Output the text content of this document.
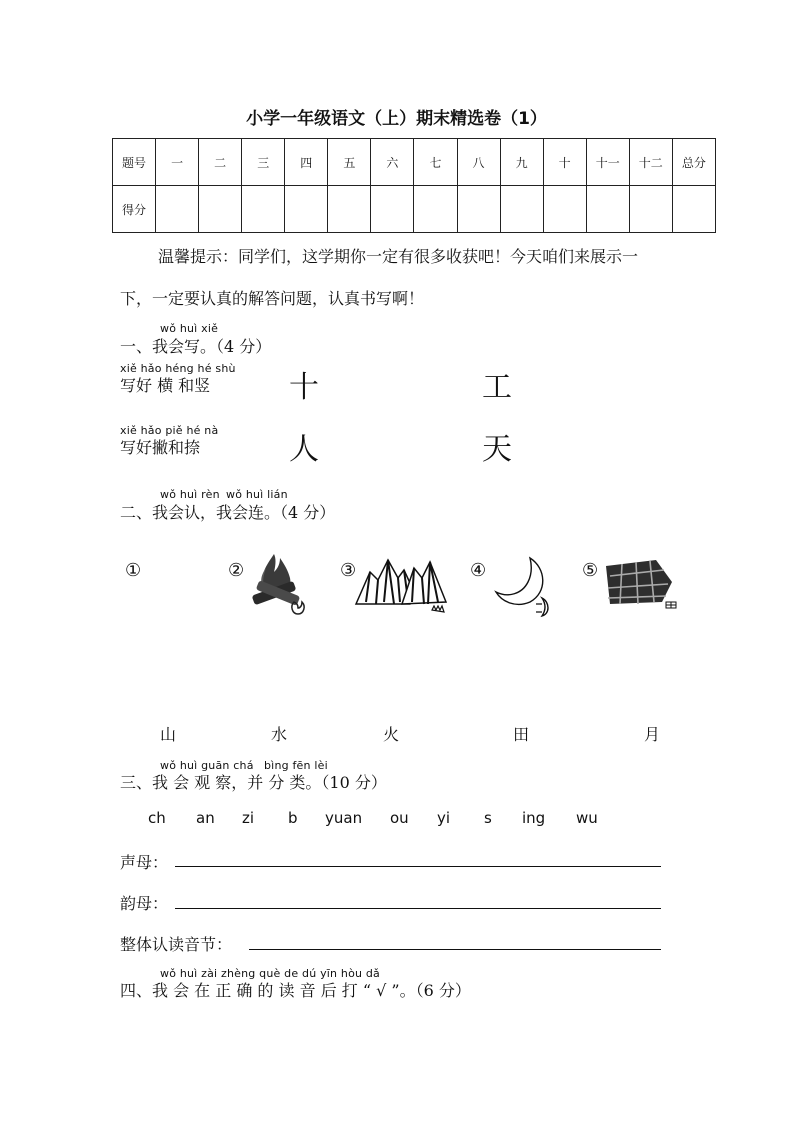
小学一年级语文（上）期末精选卷（1）
题号	一	二	三	四	五	六	七	八	九	十	十一	十二	总分
得分													
温馨提示：同学们，这学期你一定有很多收获吧！今天咱们来展示一
下，一定要认真的解答问题，认真书写啊！
wǒ huì xiě
一、我会写。（4 分）
xiě hǎo héng hé shù
写好 横 和竖	十	工
xiě hǎo piě hé nà
写好撇和捺	人	天
wǒ huì rèn wǒ huì lián
二、我会认，我会连。（4 分）
①	②	③	④	⑤
山	水	火	田	月
wǒ huì guān chá bìng fēn lèi
三、我 会 观 察，并 分 类。（10 分）
ch an zi b yuan ou yi s ing wu
声母：
韵母：
整体认读音节：
wǒ huì zài zhèng què de dú yīn hòu dǎ
四、我 会 在 正 确 的 读 音 后 打 “ √ ”。（6 分）
